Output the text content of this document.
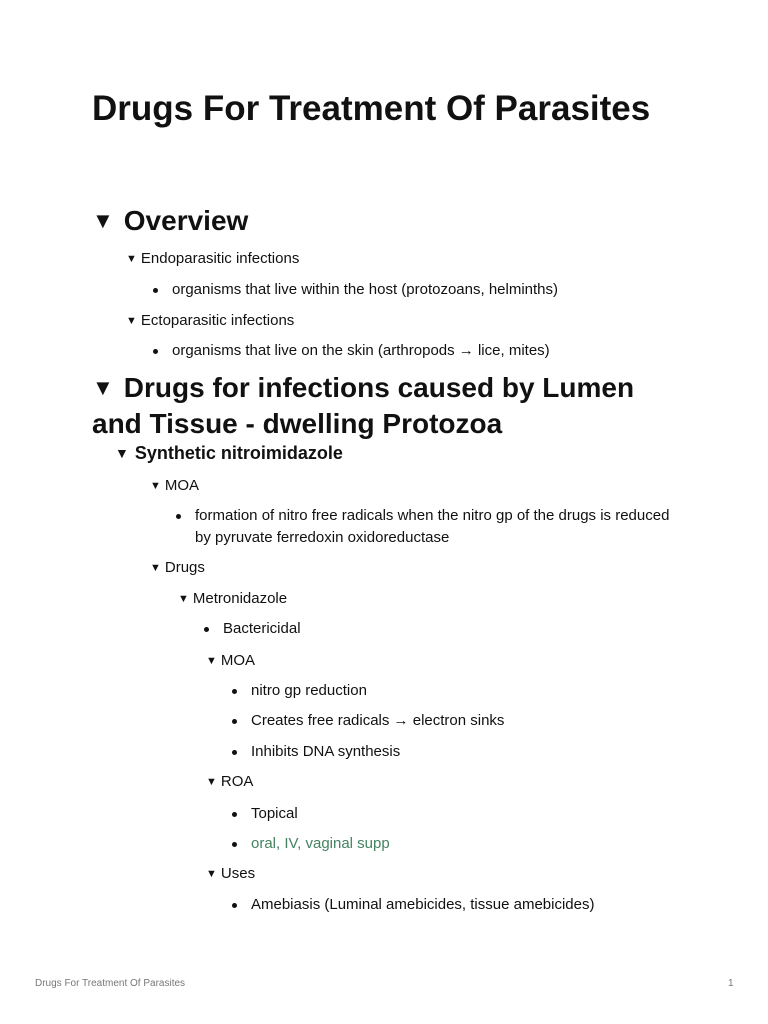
Drugs For Treatment Of Parasites
▼ Overview
▼ Endoparasitic infections
organisms that live within the host (protozoans, helminths)
▼ Ectoparasitic infections
organisms that live on the skin (arthropods → lice, mites)
▼ Drugs for infections caused by Lumen and Tissue - dwelling Protozoa
▼ Synthetic nitroimidazole
▼ MOA
formation of nitro free radicals when the nitro gp of the drugs is reduced by pyruvate ferredoxin oxidoreductase
▼ Drugs
▼ Metronidazole
Bactericidal
▼ MOA
nitro gp reduction
Creates free radicals → electron sinks
Inhibits DNA synthesis
▼ ROA
Topical
oral, IV, vaginal supp
▼ Uses
Amebiasis (Luminal amebicides, tissue amebicides)
Drugs For Treatment Of Parasites	1
